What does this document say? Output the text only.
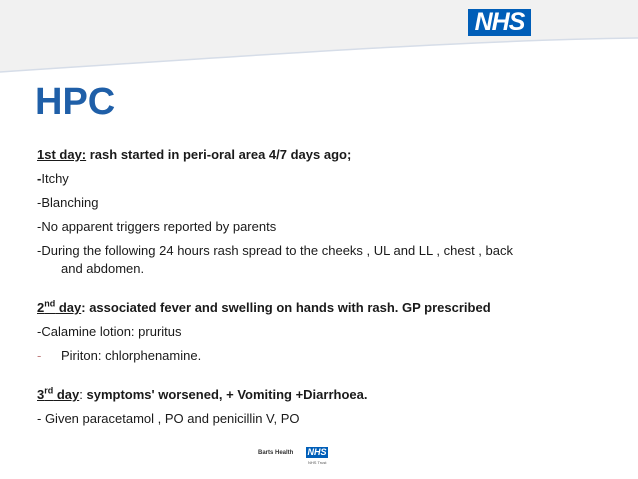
NHS
HPC
1st day: rash started in peri-oral area 4/7 days ago;
-Itchy
-Blanching
-No apparent triggers reported by parents
-During the following 24 hours rash spread to the cheeks , UL and LL , chest , back
and abdomen.
2nd day: associated fever and swelling on hands with rash. GP prescribed
-Calamine lotion: pruritus
- Piriton: chlorphenamine.
3rd day: symptoms' worsened, + Vomiting +Diarrhoea.
- Given paracetamol , PO and penicillin V, PO
Barts Health NHS
NHS Trust
